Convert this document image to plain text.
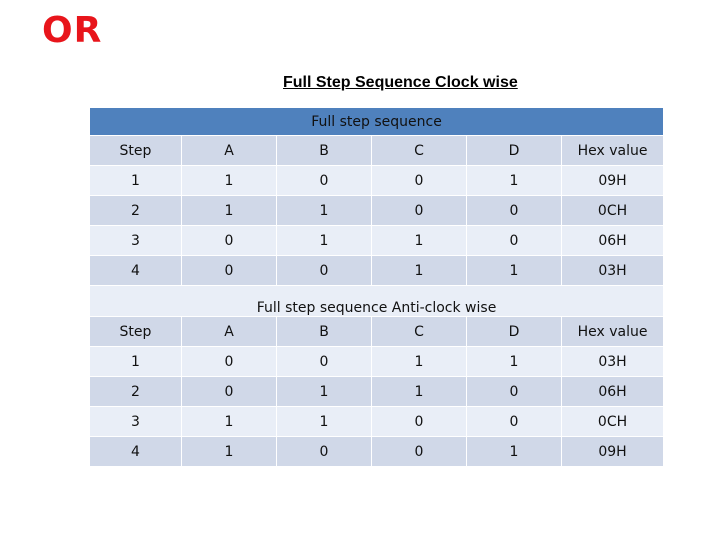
OR
Full Step Sequence Clock wise
Full step sequence					
Step	A	B	C	D	Hex value
1	1	0	0	1	09H
2	1	1	0	0	0CH
3	0	1	1	0	06H
4	0	0	1	1	03H
Full step sequence Anti-clock wise					
Step	A	B	C	D	Hex value
1	0	0	1	1	03H
2	0	1	1	0	06H
3	1	1	0	0	0CH
4	1	0	0	1	09H
